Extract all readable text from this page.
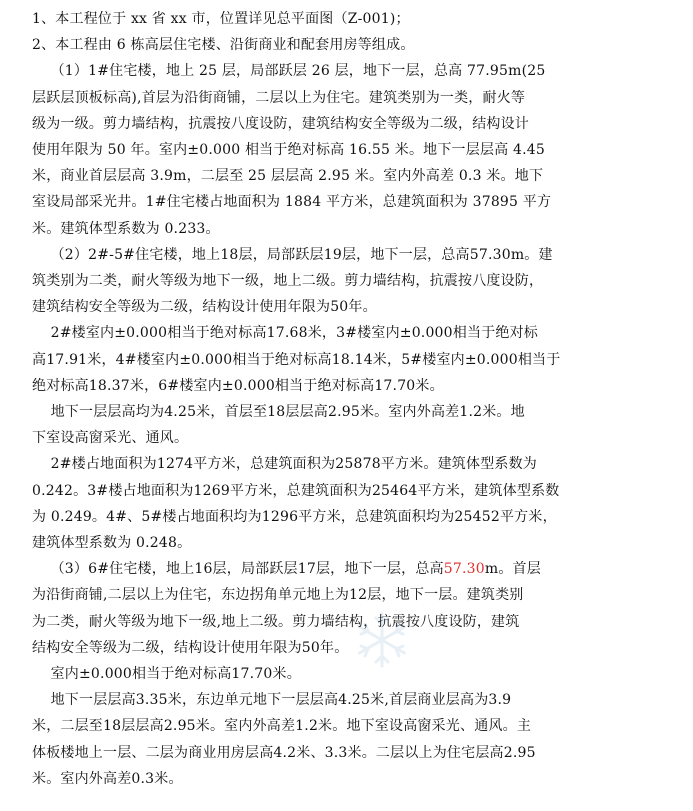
1、本工程位于 xx 省 xx 市，位置详见总平面图（Z-001)；

2、本工程由 6 栋高层住宅楼、沿街商业和配套用房等组成。

（1）1#住宅楼，地上 25 层，局部跃层 26 层，地下一层，总高 77.95m(25

层跃层顶板标高),首层为沿街商铺，二层以上为住宅。建筑类别为一类，耐火等

级为一级。剪力墙结构，抗震按八度设防，建筑结构安全等级为二级，结构设计

使用年限为 50 年。室内±0.000 相当于绝对标高 16.55 米。地下一层层高 4.45

米，商业首层层高 3.9m，二层至 25 层层高 2.95 米。室内外高差 0.3 米。地下

室设局部采光井。1#住宅楼占地面积为 1884 平方米，总建筑面积为 37895 平方

米。建筑体型系数为 0.233。

（2）2#-5#住宅楼，地上18层，局部跃层19层，地下一层，总高57.30m。建

筑类别为二类，耐火等级为地下一级，地上二级。剪力墙结构，抗震按八度设防，

建筑结构安全等级为二级，结构设计使用年限为50年。

2#楼室内±0.000相当于绝对标高17.68米，3#楼室内±0.000相当于绝对标

高17.91米，4#楼室内±0.000相当于绝对标高18.14米，5#楼室内±0.000相当于

绝对标高18.37米，6#楼室内±0.000相当于绝对标高17.70米。

地下一层层高均为4.25米，首层至18层层高2.95米。室内外高差1.2米。地

下室设高窗采光、通风。

2#楼占地面积为1274平方米，总建筑面积为25878平方米。建筑体型系数为

0.242。3#楼占地面积为1269平方米，总建筑面积为25464平方米，建筑体型系数

为 0.249。4#、5#楼占地面积均为1296平方米，总建筑面积均为25452平方米，

建筑体型系数为 0.248。

（3）6#住宅楼，地上16层，局部跃层17层，地下一层，总高57.30m。首层

为沿街商铺,二层以上为住宅，东边拐角单元地上为12层，地下一层。建筑类别

为二类，耐火等级为地下一级,地上二级。剪力墙结构，抗震按八度设防，建筑

结构安全等级为二级，结构设计使用年限为50年。

室内±0.000相当于绝对标高17.70米。

地下一层层高3.35米，东边单元地下一层层高4.25米,首层商业层高为3.9

米，二层至18层层高2.95米。室内外高差1.2米。地下室设高窗采光、通风。主

体板楼地上一层、二层为商业用房层高4.2米、3.3米。二层以上为住宅层高2.95

米。室内外高差0.3米。
